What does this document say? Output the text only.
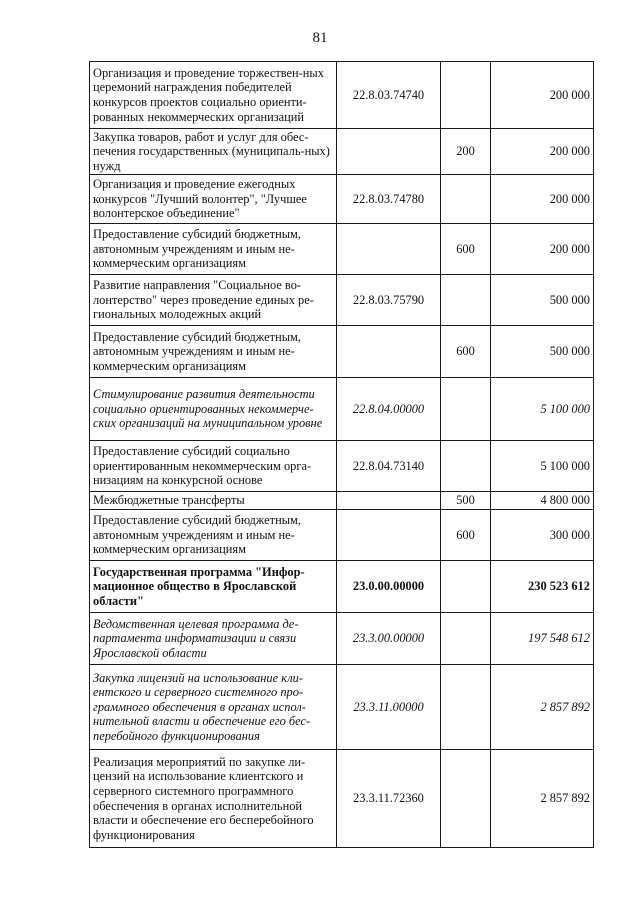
81
Организация и проведение торжествен-ных церемоний награждения победителей конкурсов проектов социально ориенти-рованных некоммерческих организаций	22.8.03.74740		200 000
Закупка товаров, работ и услуг для обес-печения государственных (муниципаль-ных) нужд		200	200 000
Организация и проведение ежегодных конкурсов "Лучший волонтер", "Лучшее волонтерское объединение"	22.8.03.74780		200 000
Предоставление субсидий бюджетным, автономным учреждениям и иным не-коммерческим организациям		600	200 000
Развитие направления "Социальное во-лонтерство" через проведение единых ре-гиональных молодежных акций	22.8.03.75790		500 000
Предоставление субсидий бюджетным, автономным учреждениям и иным не-коммерческим организациям		600	500 000
Стимулирование развития деятельности социально ориентированных некоммерче-ских организаций на муниципальном уровне	22.8.04.00000		5 100 000
Предоставление субсидий социально ориентированным некоммерческим орга-низациям на конкурсной основе	22.8.04.73140		5 100 000
Межбюджетные трансферты		500	4 800 000
Предоставление субсидий бюджетным, автономным учреждениям и иным не-коммерческим организациям		600	300 000
Государственная программа "Инфор-мационное общество в Ярославской области"	23.0.00.00000		230 523 612
Ведомственная целевая программа де-партамента информатизации и связи Ярославской области	23.3.00.00000		197 548 612
Закупка лицензий на использование кли-ентского и серверного системного про-граммного обеспечения в органах испол-нительной власти и обеспечение его бес-перебойного функционирования	23.3.11.00000		2 857 892
Реализация мероприятий по закупке ли-цензий на использование клиентского и серверного системного программного обеспечения в органах исполнительной власти и обеспечение его бесперебойного функционирования	23.3.11.72360		2 857 892
